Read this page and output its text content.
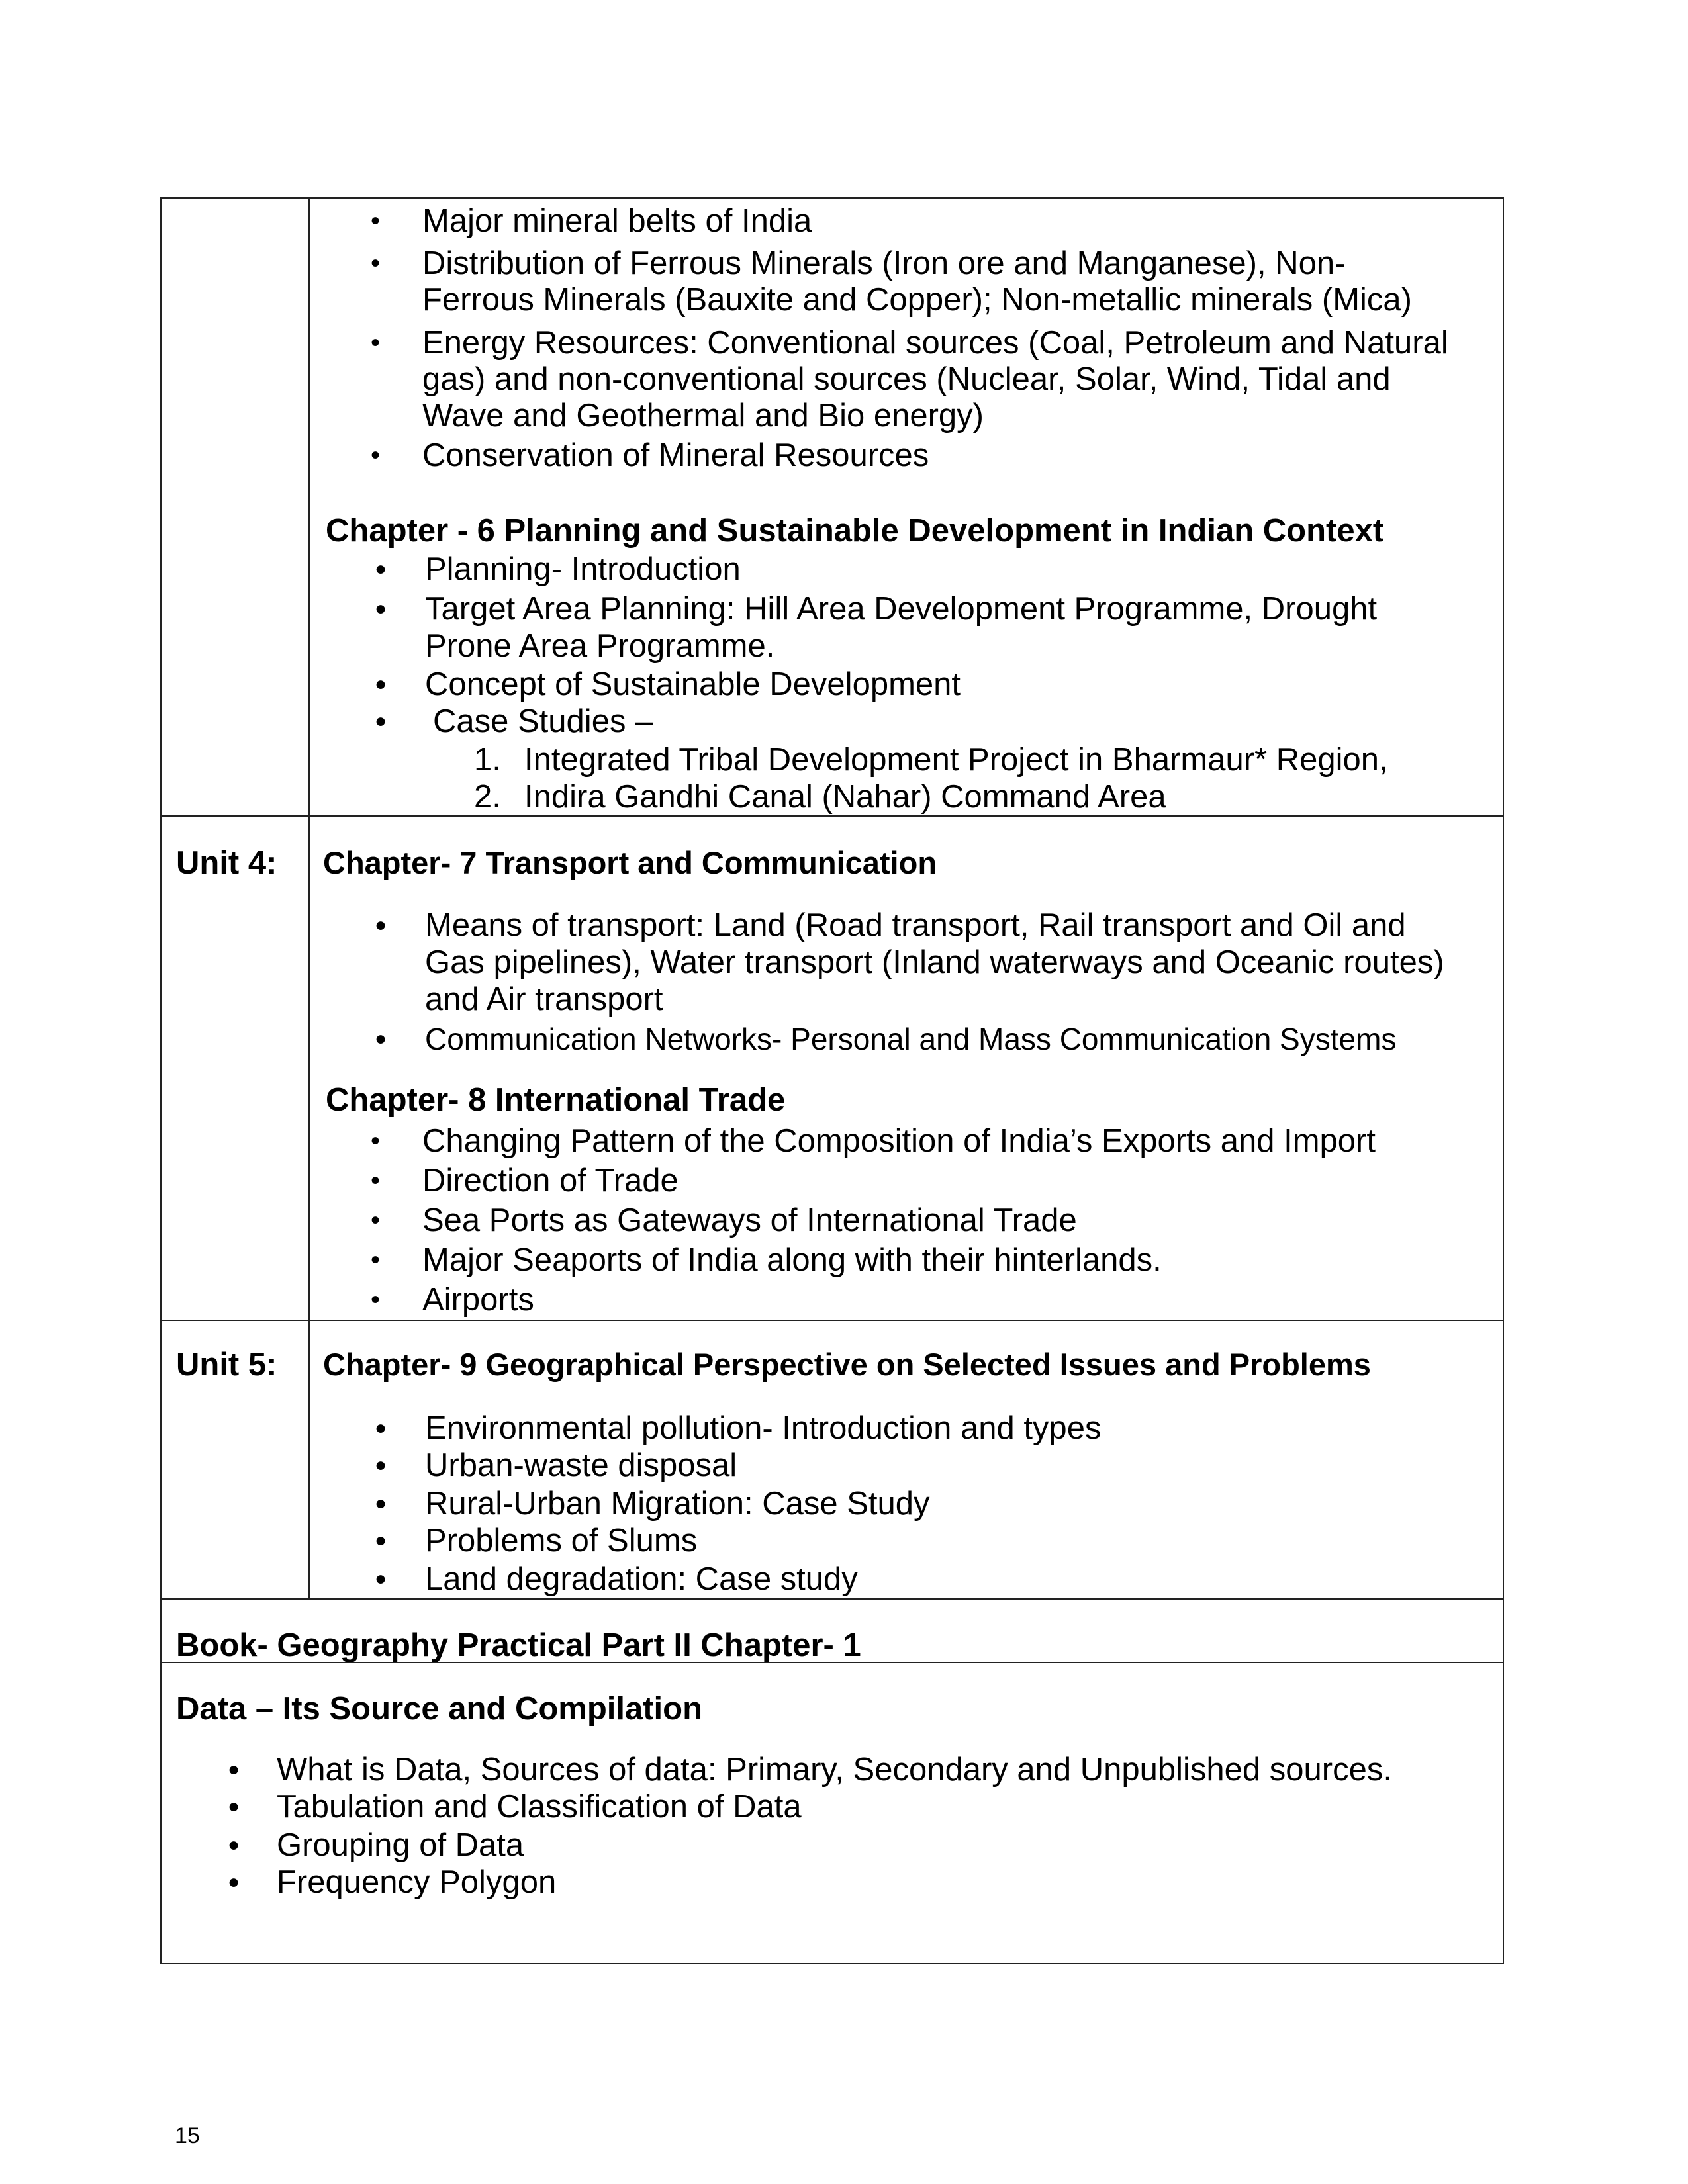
• Major mineral belts of India
• Distribution of Ferrous Minerals (Iron ore and Manganese), Non-
Ferrous Minerals (Bauxite and Copper); Non-metallic minerals (Mica)
• Energy Resources: Conventional sources (Coal, Petroleum and Natural
gas) and non-conventional sources (Nuclear, Solar, Wind, Tidal and
Wave and Geothermal and Bio energy)
• Conservation of Mineral Resources
Chapter - 6 Planning and Sustainable Development in Indian Context
● Planning- Introduction
● Target Area Planning: Hill Area Development Programme, Drought
Prone Area Programme.
● Concept of Sustainable Development
● Case Studies –
1. Integrated Tribal Development Project in Bharmaur* Region,
2. Indira Gandhi Canal (Nahar) Command Area
Unit 4: Chapter- 7 Transport and Communication
● Means of transport: Land (Road transport, Rail transport and Oil and
Gas pipelines), Water transport (Inland waterways and Oceanic routes)
and Air transport
● Communication Networks- Personal and Mass Communication Systems
Chapter- 8 International Trade
• Changing Pattern of the Composition of India’s Exports and Import
• Direction of Trade
• Sea Ports as Gateways of International Trade
• Major Seaports of India along with their hinterlands.
• Airports
Unit 5: Chapter- 9 Geographical Perspective on Selected Issues and Problems
● Environmental pollution- Introduction and types
● Urban-waste disposal
● Rural-Urban Migration: Case Study
● Problems of Slums
● Land degradation: Case study
Book- Geography Practical Part II Chapter- 1
Data – Its Source and Compilation
● What is Data, Sources of data: Primary, Secondary and Unpublished sources.
● Tabulation and Classification of Data
● Grouping of Data
● Frequency Polygon
15
